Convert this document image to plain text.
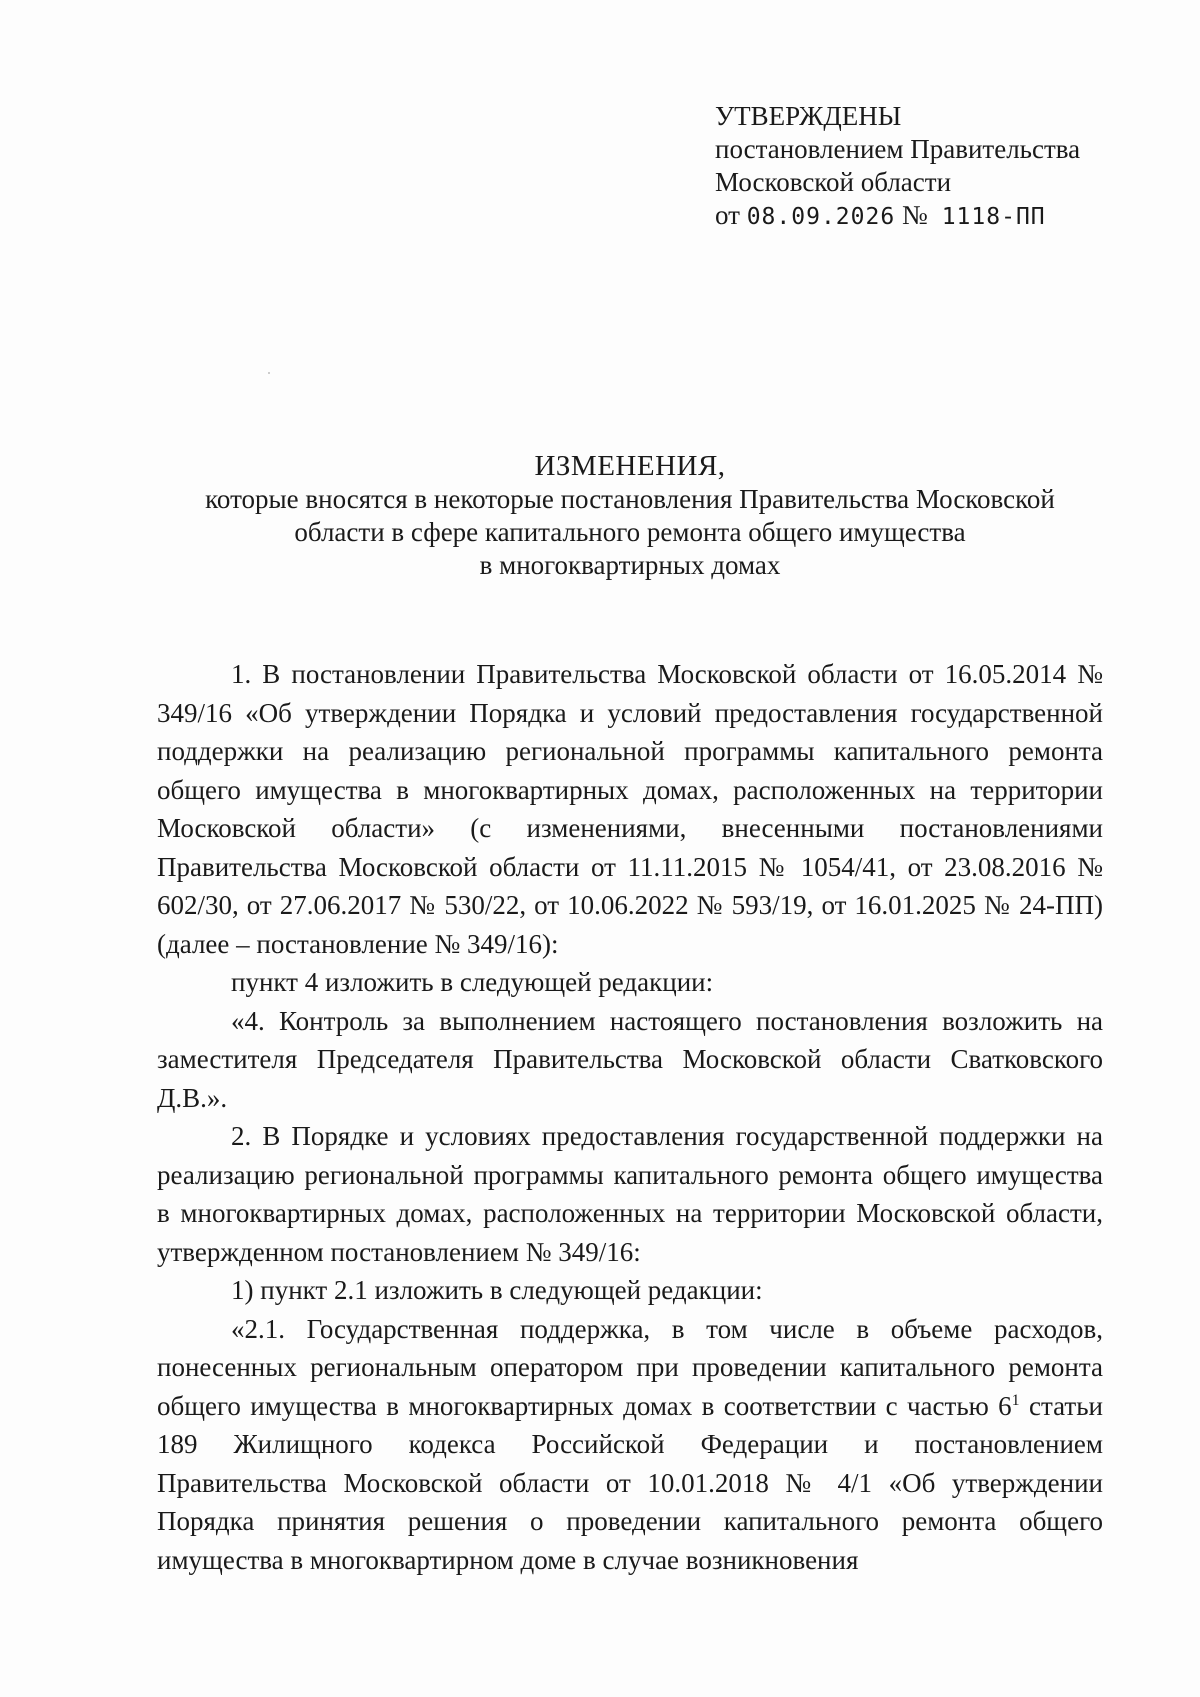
УТВЕРЖДЕНЫ
постановлением Правительства
Московской области
от 08.09.2026 № 1118-ПП
ИЗМЕНЕНИЯ,
которые вносятся в некоторые постановления Правительства Московской
области в сфере капитального ремонта общего имущества
в многоквартирных домах

1. В постановлении Правительства Московской области от 16.05.2014 № 349/16 «Об утверждении Порядка и условий предоставления государственной поддержки на реализацию региональной программы капитального ремонта общего имущества в многоквартирных домах, расположенных на территории Московской области» (с изменениями, внесенными постановлениями Правительства Московской области от 11.11.2015 № 1054/41, от 23.08.2016 № 602/30, от 27.06.2017 № 530/22, от 10.06.2022 № 593/19, от 16.01.2025 № 24-ПП) (далее – постановление № 349/16):

пункт 4 изложить в следующей редакции:

«4. Контроль за выполнением настоящего постановления возложить на заместителя Председателя Правительства Московской области Сватковского Д.В.».

2. В Порядке и условиях предоставления государственной поддержки на реализацию региональной программы капитального ремонта общего имущества в многоквартирных домах, расположенных на территории Московской области, утвержденном постановлением № 349/16:

1) пункт 2.1 изложить в следующей редакции:

«2.1. Государственная поддержка, в том числе в объеме расходов, понесенных региональным оператором при проведении капитального ремонта общего имущества в многоквартирных домах в соответствии с частью $6^1$ статьи 189 Жилищного кодекса Российской Федерации и постановлением Правительства Московской области от 10.01.2018 № 4/1 «Об утверждении Порядка принятия решения о проведении капитального ремонта общего имущества в многоквартирном доме в случае возникновения
